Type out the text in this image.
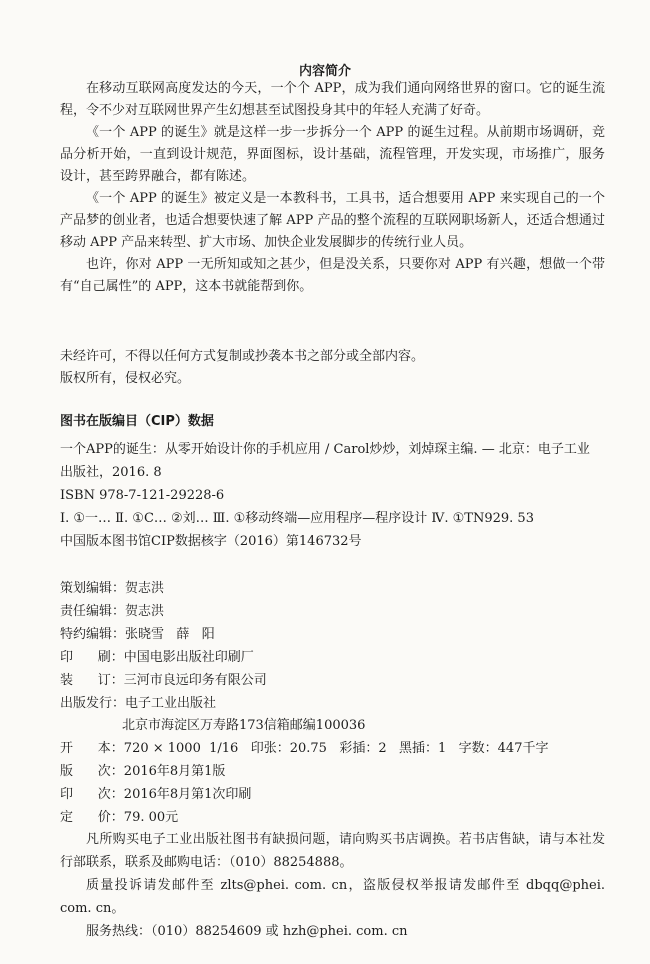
内容简介

在移动互联网高度发达的今天，一个个 APP，成为我们通向网络世界的窗口。它的诞生流程，令不少对互联网世界产生幻想甚至试图投身其中的年轻人充满了好奇。

《一个 APP 的诞生》就是这样一步一步拆分一个 APP 的诞生过程。从前期市场调研，竞品分析开始，一直到设计规范，界面图标，设计基础，流程管理，开发实现，市场推广，服务设计，甚至跨界融合，都有陈述。

《一个 APP 的诞生》被定义是一本教科书，工具书，适合想要用 APP 来实现自己的一个产品梦的创业者，也适合想要快速了解 APP 产品的整个流程的互联网职场新人，还适合想通过移动 APP 产品来转型、扩大市场、加快企业发展脚步的传统行业人员。

也许，你对 APP 一无所知或知之甚少，但是没关系，只要你对 APP 有兴趣，想做一个带有“自己属性”的 APP，这本书就能帮到你。

未经许可，不得以任何方式复制或抄袭本书之部分或全部内容。

版权所有，侵权必究。

图书在版编目（CIP）数据

一个APP的诞生：从零开始设计你的手机应用 / Carol炒炒，刘焯琛主编. — 北京：电子工业

出版社，2016. 8

ISBN 978-7-121-29228-6

Ⅰ. ①一… Ⅱ. ①C… ②刘… Ⅲ. ①移动终端—应用程序—程序设计 Ⅳ. ①TN929. 53

中国版本图书馆CIP数据核字（2016）第146732号

策划编辑：贺志洪

责任编辑：贺志洪

特约编辑：张晓雪   薛   阳

印      刷：中国电影出版社印刷厂

装      订：三河市良远印务有限公司

出版发行：电子工业出版社

北京市海淀区万寿路173信箱邮编100036

开      本：720 × 1000  1/16   印张：20.75   彩插：2   黑插：1   字数：447千字

版      次：2016年8月第1版

印      次：2016年8月第1次印刷

定      价：79. 00元

凡所购买电子工业出版社图书有缺损问题，请向购买书店调换。若书店售缺，请与本社发行部联系，联系及邮购电话：（010）88254888。

质量投诉请发邮件至 zlts@phei. com. cn，盗版侵权举报请发邮件至 dbqq@phei. com. cn。

服务热线：（010）88254609 或 hzh@phei. com. cn
